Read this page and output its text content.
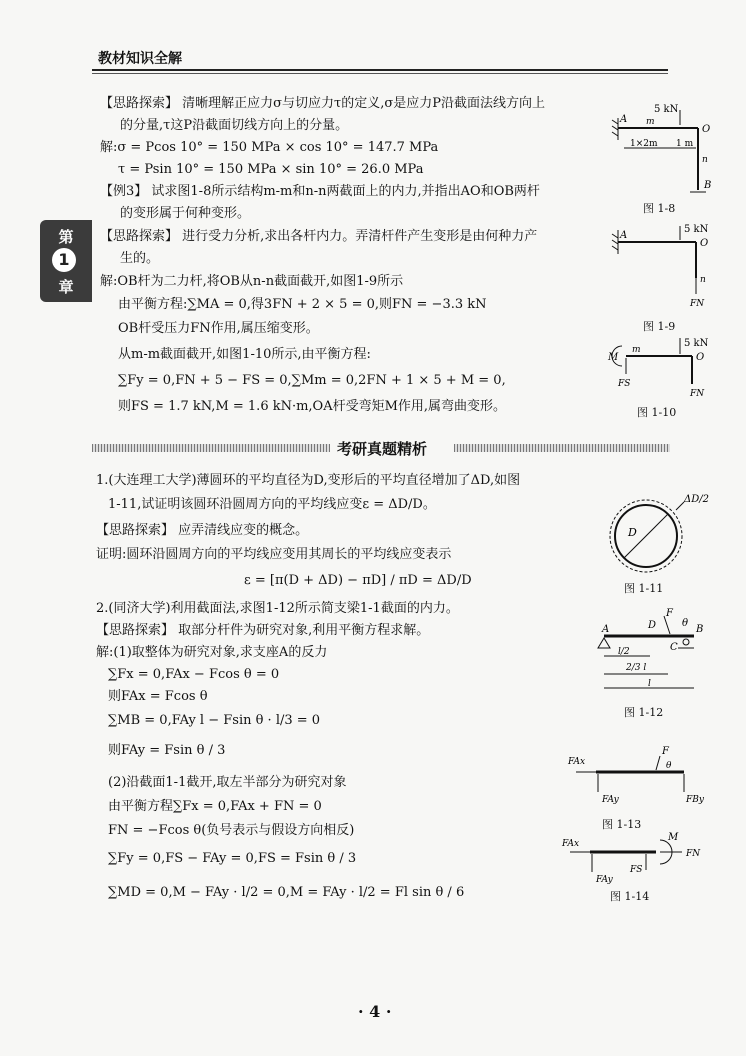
教材知识全解
第
1
章
【思路探索】 清晰理解正应力σ与切应力τ的定义,σ是应力P沿截面法线方向上
的分量,τ这P沿截面切线方向上的分量。
解:σ = Pcos 10° = 150 MPa × cos 10° = 147.7 MPa
τ = Psin 10° = 150 MPa × sin 10° = 26.0 MPa
【例3】 试求图1-8所示结构m-m和n-n两截面上的内力,并指出AO和OB两杆
的变形属于何种变形。
【思路探索】 进行受力分析,求出各杆内力。弄清杆件产生变形是由何种力产
生的。
解:OB杆为二力杆,将OB从n-n截面截开,如图1-9所示
由平衡方程:∑MA = 0,得3FN + 2 × 5 = 0,则FN = −3.3 kN
OB杆受压力FN作用,属压缩变形。
从m-m截面截开,如图1-10所示,由平衡方程:
∑Fy = 0,FN + 5 − FS = 0,∑Mm = 0,2FN + 1 × 5 + M = 0,
则FS = 1.7 kN,M = 1.6 kN·m,OA杆受弯矩M作用,属弯曲变形。
考研真题精析
1.(大连理工大学)薄圆环的平均直径为D,变形后的平均直径增加了ΔD,如图
1-11,试证明该圆环沿圆周方向的平均线应变ε = ΔD/D。
【思路探索】 应弄清线应变的概念。
证明:圆环沿圆周方向的平均线应变用其周长的平均线应变表示
ε = [π(D + ΔD) − πD] / πD = ΔD/D
2.(同济大学)利用截面法,求图1-12所示简支梁1-1截面的内力。
【思路探索】 取部分杆件为研究对象,利用平衡方程求解。
解:(1)取整体为研究对象,求支座A的反力
∑Fx = 0,FAx − Fcos θ = 0
则FAx = Fcos θ
∑MB = 0,FAy l − Fsin θ · l/3 = 0
则FAy = Fsin θ / 3
(2)沿截面1-1截开,取左半部分为研究对象
由平衡方程∑Fx = 0,FAx + FN = 0
FN = −Fcos θ(负号表示与假设方向相反)
∑Fy = 0,FS − FAy = 0,FS = Fsin θ / 3
∑MD = 0,M − FAy · l/2 = 0,M = FAy · l/2 = Fl sin θ / 6
5 kN
A
O
B
m
n
1×2m 1 m
图 1-8
5 kN
A
O
n
FN
图 1-9
5 kN
O
M
m
FS
FN
图 1-10
D
ΔD/2
图 1-11
A	D
F
θ
B
C
l/2
2/3 l
l
图 1-12
FAx
FAy	FBy
F
θ
图 1-13
FAx
FAy
FS
M
FN
图 1-14
· 4 ·
